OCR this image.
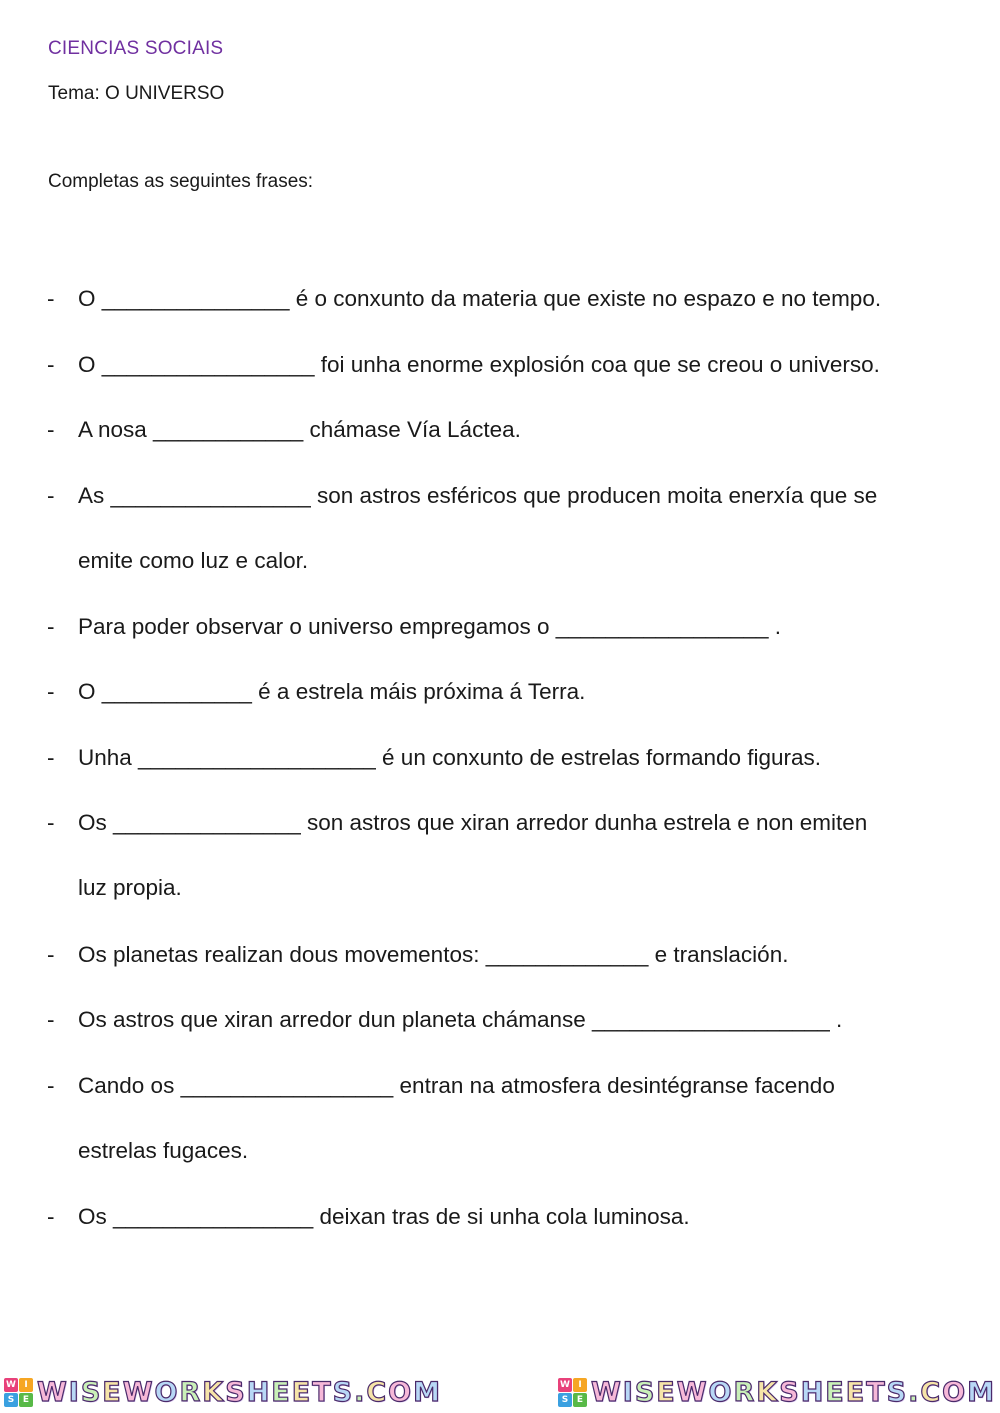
CIENCIAS SOCIAIS
Tema: O UNIVERSO
Completas as seguintes frases:
- O _______________ é o conxunto da materia que existe no espazo e no tempo.
- O _________________ foi unha enorme explosión coa que se creou o universo.
- A nosa ____________ chámase Vía Láctea.
- As ________________ son astros esféricos que producen moita enerxía que se
emite como luz e calor.
- Para poder observar o universo empregamos o _________________ .
- O ____________ é a estrela máis próxima á Terra.
- Unha ___________________ é un conxunto de estrelas formando figuras.
- Os _______________ son astros que xiran arredor dunha estrela e non emiten
luz propia.
- Os planetas realizan dous movementos: _____________ e translación.
- Os astros que xiran arredor dun planeta chámanse ___________________ .
- Cando os _________________ entran na atmosfera desintégranse facendo
estrelas fugaces.
- Os ________________ deixan tras de si unha cola luminosa.
W I
S E W I S E W O R K S H E E T S . C O M	W I
S E W I S E W O R K S H E E T S . C O M
